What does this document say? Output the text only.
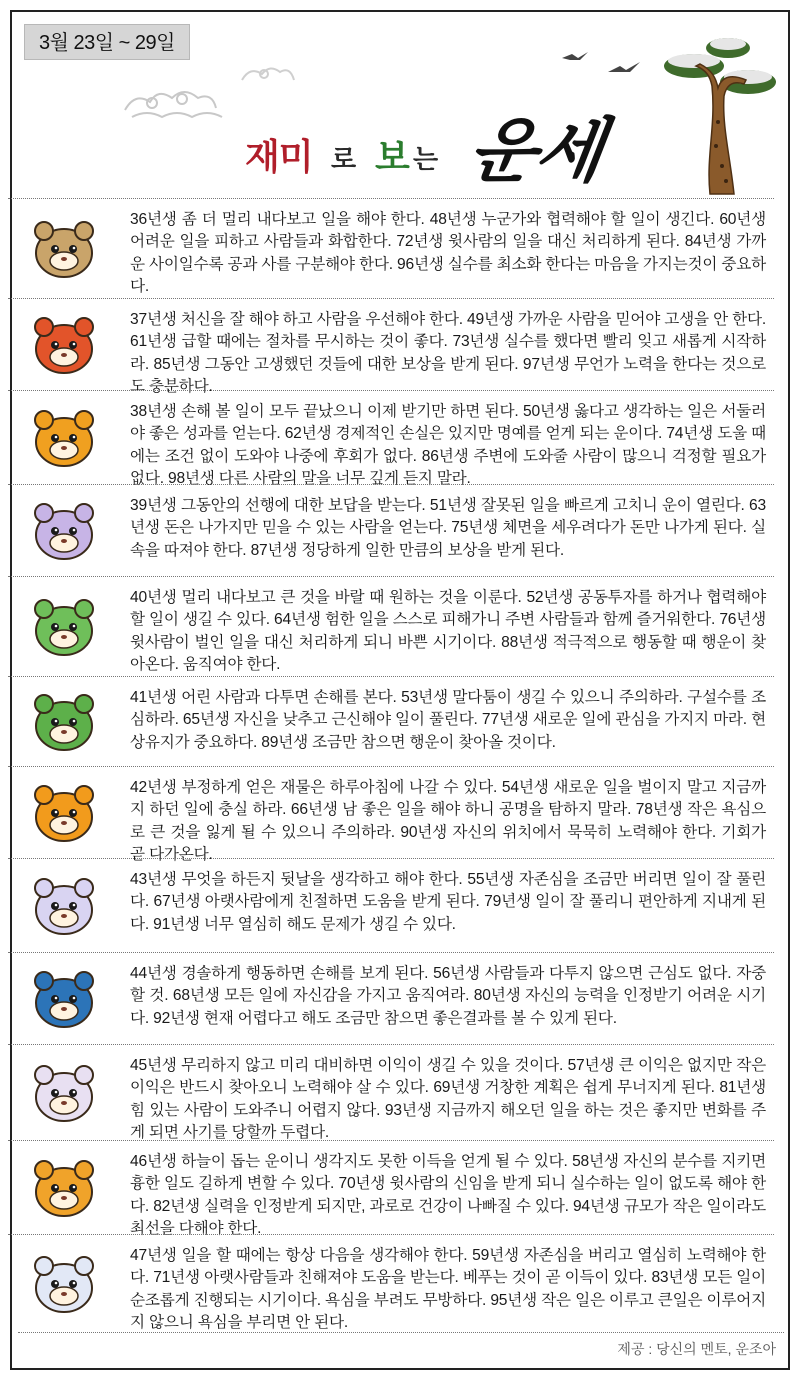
3월 23일 ~ 29일
재미 로 보 는 운세
36년생 좀 더 멀리 내다보고 일을 해야 한다. 48년생 누군가와 협력해야 할 일이 생긴다. 60년생 어려운 일을 피하고 사람들과 화합한다. 72년생 윗사람의 일을 대신 처리하게 된다. 84년생 가까운 사이일수록 공과 사를 구분해야 한다. 96년생 실수를 최소화 한다는 마음을 가지는것이 중요하다.
37년생 처신을 잘 해야 하고 사람을 우선해야 한다. 49년생 가까운 사람을 믿어야 고생을 안 한다. 61년생 급할 때에는 절차를 무시하는 것이 좋다. 73년생 실수를 했다면 빨리 잊고 새롭게 시작하라. 85년생 그동안 고생했던 것들에 대한 보상을 받게 된다. 97년생 무언가 노력을 한다는 것으로도 충분하다.
38년생 손해 볼 일이 모두 끝났으니 이제 받기만 하면 된다. 50년생 옳다고 생각하는 일은 서둘러야 좋은 성과를 얻는다. 62년생 경제적인 손실은 있지만 명예를 얻게 되는 운이다. 74년생 도울 때에는 조건 없이 도와야 나중에 후회가 없다. 86년생 주변에 도와줄 사람이 많으니 걱정할 필요가 없다. 98년생 다른 사람의 말을 너무 깊게 듣지 말라.
39년생 그동안의 선행에 대한 보답을 받는다. 51년생 잘못된 일을 빠르게 고치니 운이 열린다. 63년생 돈은 나가지만 믿을 수 있는 사람을 얻는다. 75년생 체면을 세우려다가 돈만 나가게 된다. 실속을 따져야 한다. 87년생 정당하게 일한 만큼의 보상을 받게 된다.
40년생 멀리 내다보고 큰 것을 바랄 때 원하는 것을 이룬다. 52년생 공동투자를 하거나 협력해야 할 일이 생길 수 있다. 64년생 험한 일을 스스로 피해가니 주변 사람들과 함께 즐거워한다. 76년생 윗사람이 벌인 일을 대신 처리하게 되니 바쁜 시기이다. 88년생 적극적으로 행동할 때 행운이 찾아온다. 움직여야 한다.
41년생 어린 사람과 다투면 손해를 본다. 53년생 말다툼이 생길 수 있으니 주의하라. 구설수를 조심하라. 65년생 자신을 낮추고 근신해야 일이 풀린다. 77년생 새로운 일에 관심을 가지지 마라. 현상유지가 중요하다. 89년생 조금만 참으면 행운이 찾아올 것이다.
42년생 부정하게 얻은 재물은 하루아침에 나갈 수 있다. 54년생 새로운 일을 벌이지 말고 지금까지 하던 일에 충실 하라. 66년생 남 좋은 일을 해야 하니 공명을 탐하지 말라. 78년생 작은 욕심으로 큰 것을 잃게 될 수 있으니 주의하라. 90년생 자신의 위치에서 묵묵히 노력해야 한다. 기회가 곧 다가온다.
43년생 무엇을 하든지 뒷날을 생각하고 해야 한다. 55년생 자존심을 조금만 버리면 일이 잘 풀린다. 67년생 아랫사람에게 친절하면 도움을 받게 된다. 79년생 일이 잘 풀리니 편안하게 지내게 된다. 91년생 너무 열심히 해도 문제가 생길 수 있다.
44년생 경솔하게 행동하면 손해를 보게 된다. 56년생 사람들과 다투지 않으면 근심도 없다. 자중할 것. 68년생 모든 일에 자신감을 가지고 움직여라. 80년생 자신의 능력을 인정받기 어려운 시기다. 92년생 현재 어렵다고 해도 조금만 참으면 좋은결과를 볼 수 있게 된다.
45년생 무리하지 않고 미리 대비하면 이익이 생길 수 있을 것이다. 57년생 큰 이익은 없지만 작은 이익은 반드시 찾아오니 노력해야 살 수 있다. 69년생 거창한 계획은 쉽게 무너지게 된다. 81년생 힘 있는 사람이 도와주니 어렵지 않다. 93년생 지금까지 해오던 일을 하는 것은 좋지만 변화를 주게 되면 사기를 당할까 두렵다.
46년생 하늘이 돕는 운이니 생각지도 못한 이득을 얻게 될 수 있다. 58년생 자신의 분수를 지키면 흉한 일도 길하게 변할 수 있다. 70년생 윗사람의 신임을 받게 되니 실수하는 일이 없도록 해야 한다. 82년생 실력을 인정받게 되지만, 과로로 건강이 나빠질 수 있다. 94년생 규모가 작은 일이라도 최선을 다해야 한다.
47년생 일을 할 때에는 항상 다음을 생각해야 한다. 59년생 자존심을 버리고 열심히 노력해야 한다. 71년생 아랫사람들과 친해져야 도움을 받는다. 베푸는 것이 곧 이득이 있다. 83년생 모든 일이 순조롭게 진행되는 시기이다. 욕심을 부려도 무방하다. 95년생 작은 일은 이루고 큰일은 이루어지지 않으니 욕심을 부리면 안 된다.
제공 : 당신의 멘토, 운조아
